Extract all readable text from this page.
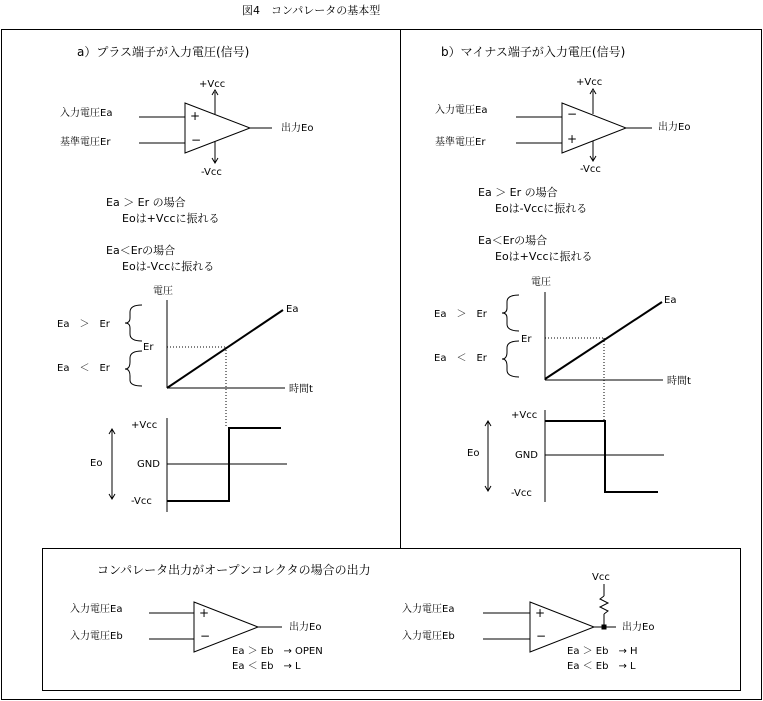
図4　コンパレータの基本型
a）プラス端子が入力電圧(信号)
+Vcc
-Vcc
入力電圧Ea
基準電圧Er
+
−
出力Eo
Ea ＞ Er の場合
Eoは+Vccに振れる
Ea＜Erの場合
Eoは-Vccに振れる
電圧
時間t
Ea
Er
Ea　＞　Er
Ea　＜　Er
Eo
+Vcc
GND
-Vcc
b）マイナス端子が入力電圧(信号)
+Vcc
-Vcc
入力電圧Ea
基準電圧Er
−
+
出力Eo
Ea ＞ Er の場合
Eoは-Vccに振れる
Ea＜Erの場合
Eoは+Vccに振れる
電圧
時間t
Ea
Er
Ea　＞　Er
Ea　＜　Er
Eo
+Vcc
GND
-Vcc
コンパレータ出力がオープンコレクタの場合の出力
入力電圧Ea
入力電圧Eb
+
−
出力Eo
Ea ＞ Eb　→ OPEN
Ea ＜ Eb　→ L
Vcc
入力電圧Ea
入力電圧Eb
+
−
出力Eo
Ea ＞ Eb　→ H
Ea ＜ Eb　→ L
